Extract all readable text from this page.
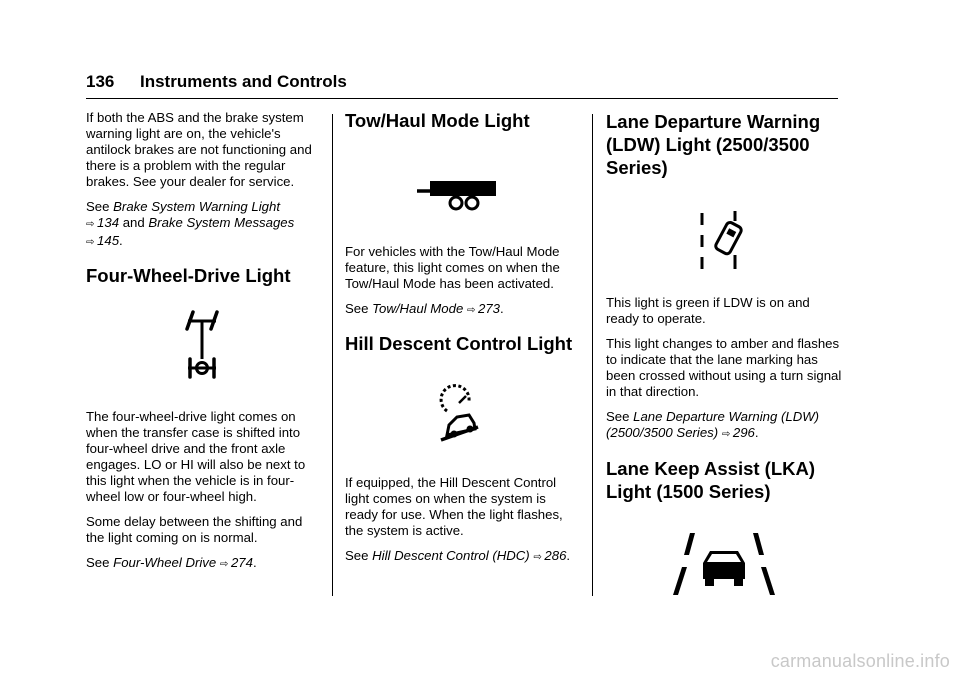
136 Instruments and Controls

If both the ABS and the brake system warning light are on, the vehicle's antilock brakes are not functioning and there is a problem with the regular brakes. See your dealer for service.

See Brake System Warning Light
⇨  134 and Brake System Messages ⇨  145.

Four-Wheel-Drive Light

The four-wheel-drive light comes on when the transfer case is shifted into four-wheel drive and the front axle engages. LO or HI will also be next to this light when the vehicle is in four-wheel low or four-wheel high.

Some delay between the shifting and the light coming on is normal.

See Four-Wheel Drive ⇨  274.

Tow/Haul Mode Light

For vehicles with the Tow/Haul Mode feature, this light comes on when the Tow/Haul Mode has been activated.

See Tow/Haul Mode ⇨  273.

Hill Descent Control Light

If equipped, the Hill Descent Control light comes on when the system is ready for use. When the light flashes, the system is active.

See Hill Descent Control (HDC) ⇨  286.

Lane Departure Warning (LDW) Light (2500/3500 Series)

This light is green if LDW is on and ready to operate.

This light changes to amber and flashes to indicate that the lane marking has been crossed without using a turn signal in that direction.

See Lane Departure Warning (LDW) (2500/3500 Series) ⇨  296.

Lane Keep Assist (LKA) Light (1500 Series)
carmanualsonline.info
